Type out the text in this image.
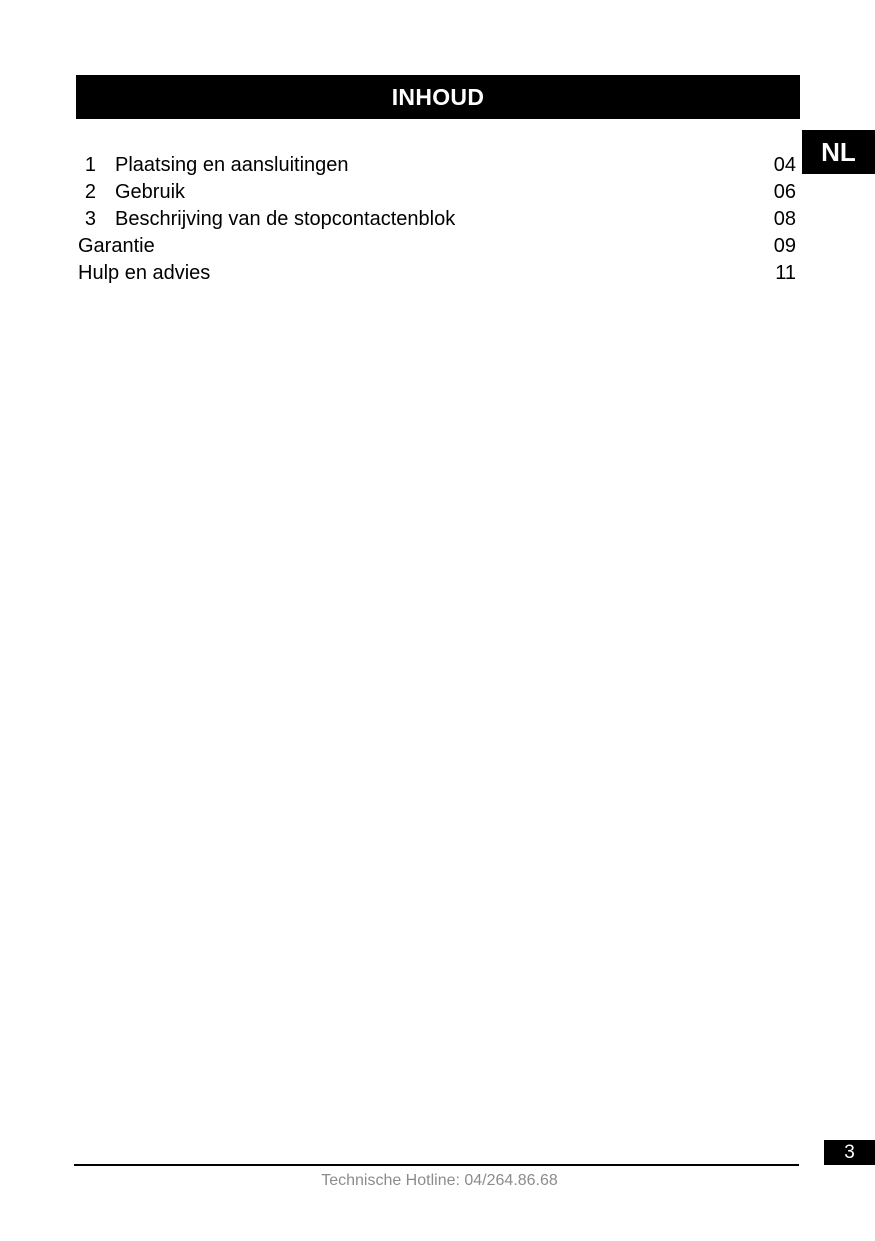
INHOUD
NL
1 Plaatsing en aansluitingen	04
2 Gebruik	06
3 Beschrijving van de stopcontactenblok	08
Garantie	09
Hulp en advies	11
3
Technische Hotline: 04/264.86.68
